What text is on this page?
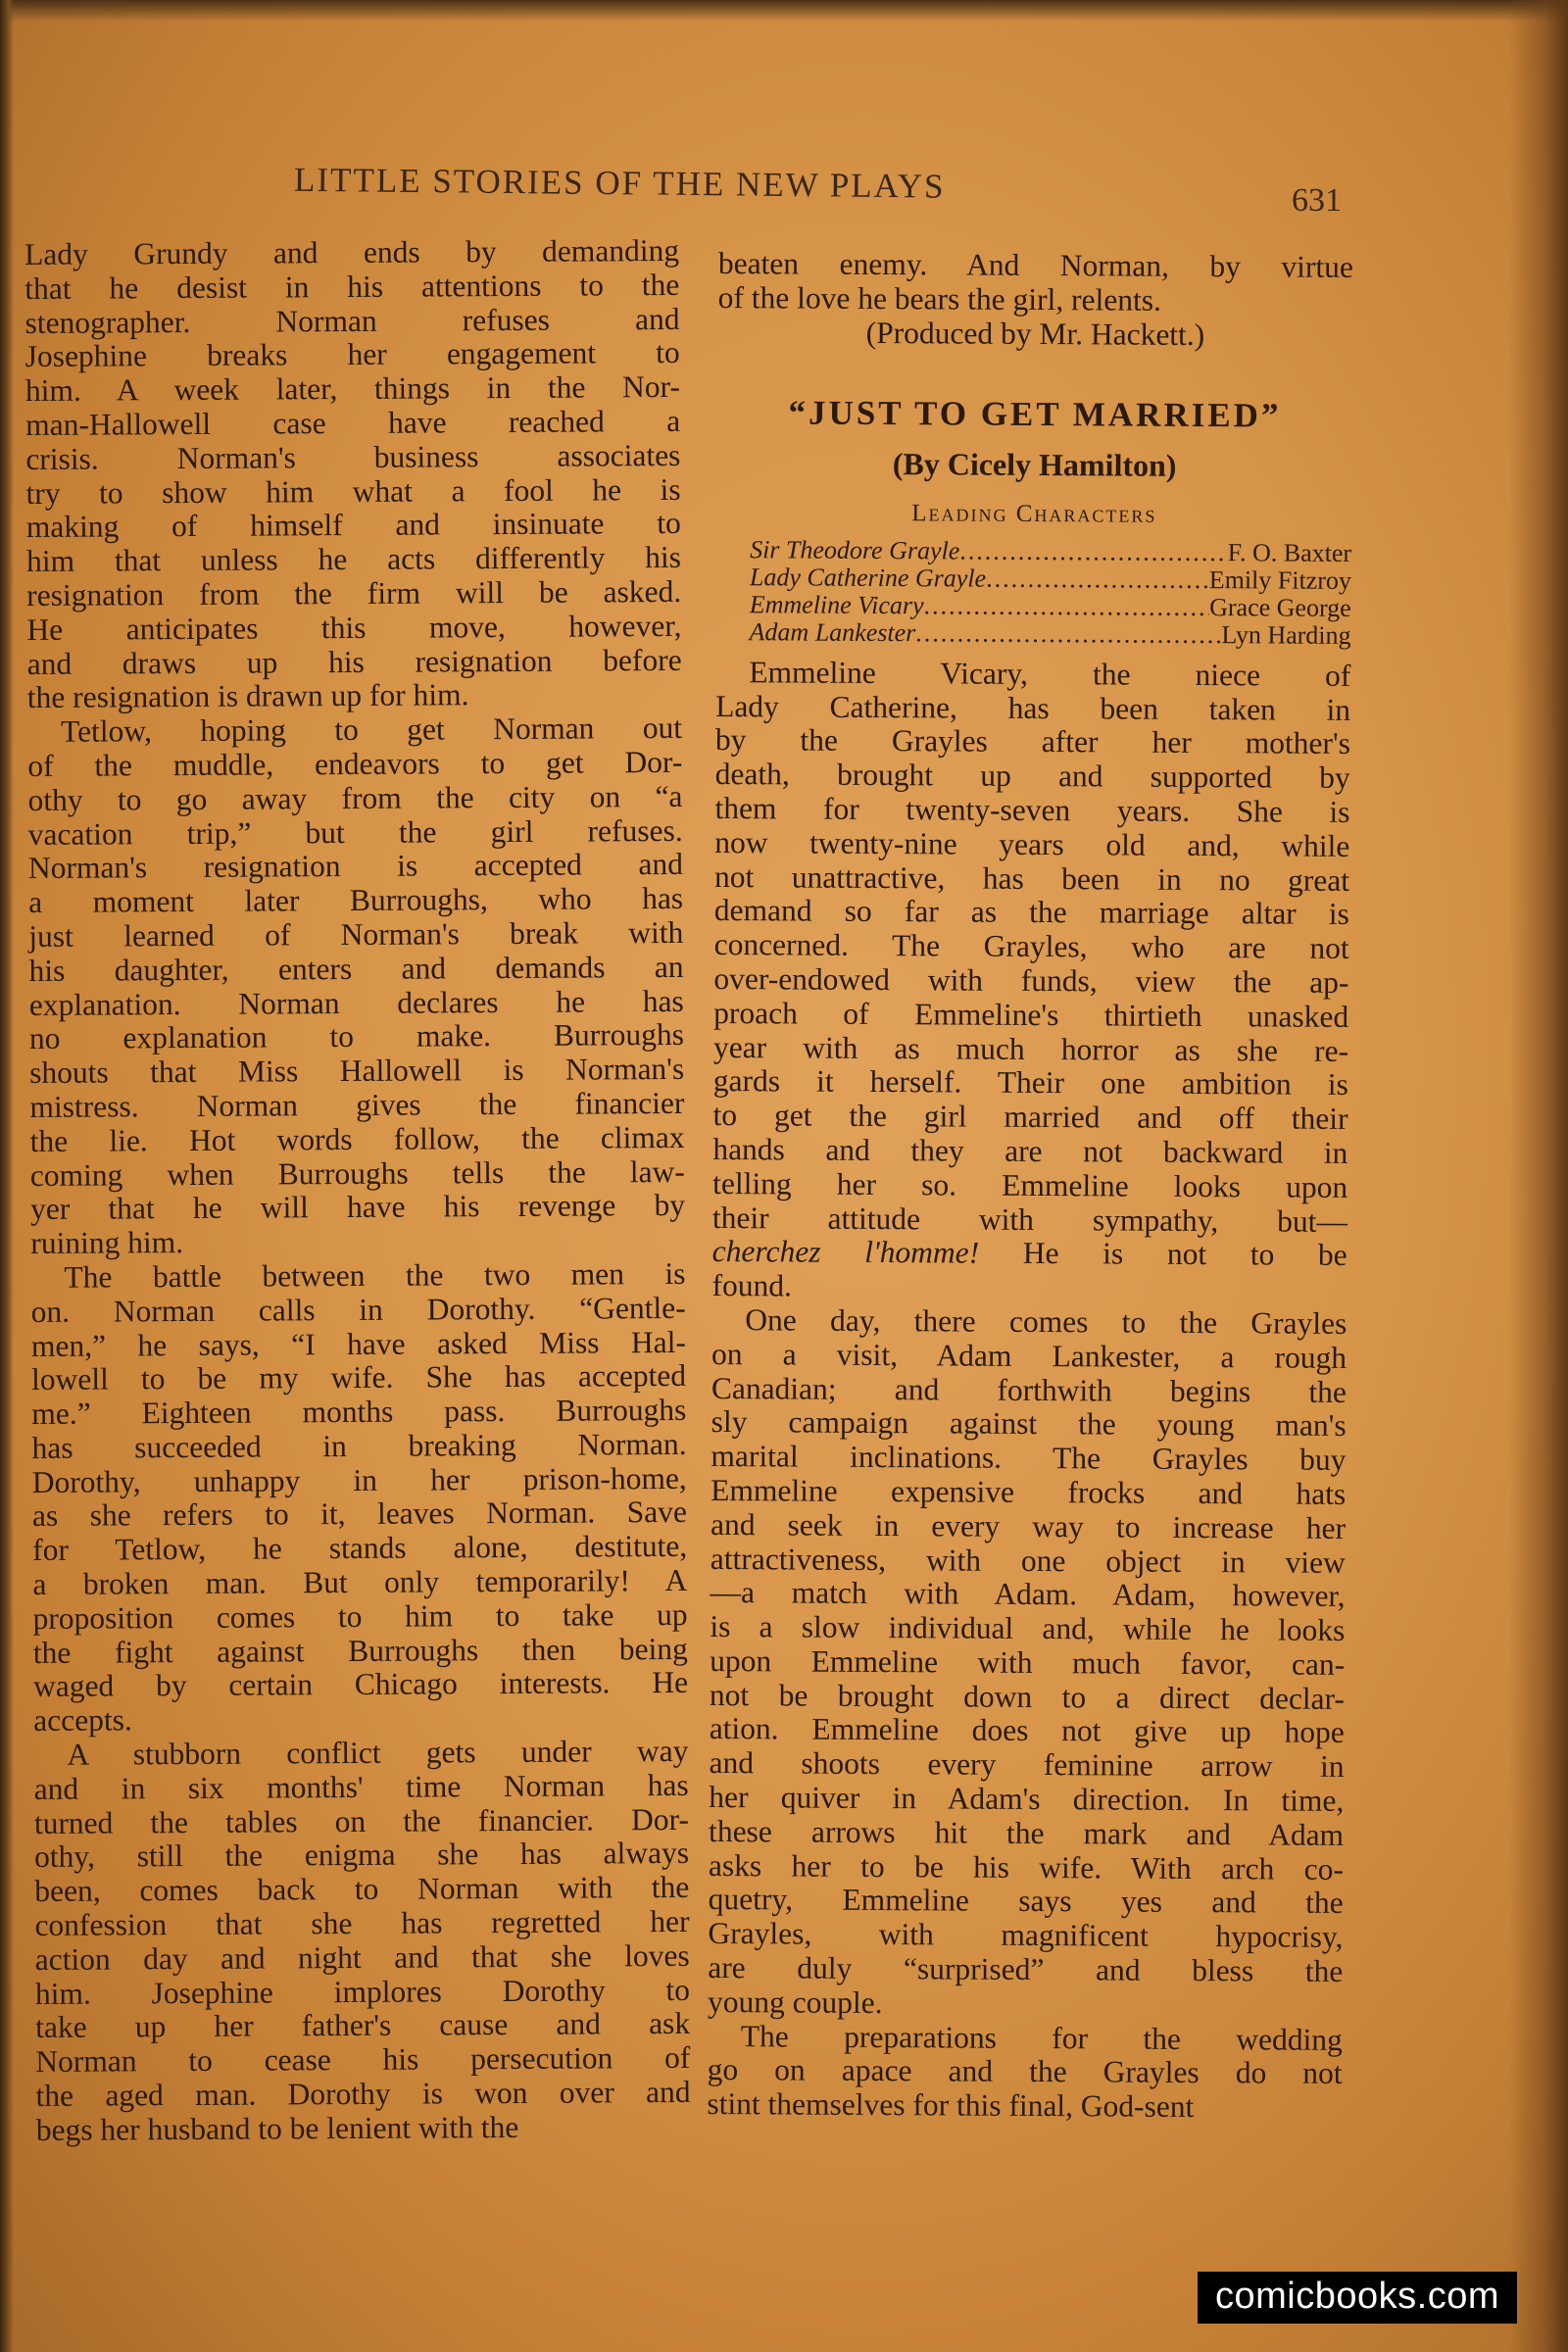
LITTLE STORIES OF THE NEW PLAYS	631
Lady Grundy and ends by demanding
that he desist in his attentions to the
stenographer. Norman refuses and
Josephine breaks her engagement to
him. A week later, things in the Nor-
man-Hallowell case have reached a
crisis. Norman's business associates
try to show him what a fool he is
making of himself and insinuate to
him that unless he acts differently his
resignation from the firm will be asked.
He anticipates this move, however,
and draws up his resignation before
the resignation is drawn up for him.
Tetlow, hoping to get Norman out
of the muddle, endeavors to get Dor-
othy to go away from the city on “a
vacation trip,” but the girl refuses.
Norman's resignation is accepted and
a moment later Burroughs, who has
just learned of Norman's break with
his daughter, enters and demands an
explanation. Norman declares he has
no explanation to make. Burroughs
shouts that Miss Hallowell is Norman's
mistress. Norman gives the financier
the lie. Hot words follow, the climax
coming when Burroughs tells the law-
yer that he will have his revenge by
ruining him.
The battle between the two men is
on. Norman calls in Dorothy. “Gentle-
men,” he says, “I have asked Miss Hal-
lowell to be my wife. She has accepted
me.” Eighteen months pass. Burroughs
has succeeded in breaking Norman.
Dorothy, unhappy in her prison-home,
as she refers to it, leaves Norman. Save
for Tetlow, he stands alone, destitute,
a broken man. But only temporarily! A
proposition comes to him to take up
the fight against Burroughs then being
waged by certain Chicago interests. He
accepts.
A stubborn conflict gets under way
and in six months' time Norman has
turned the tables on the financier. Dor-
othy, still the enigma she has always
been, comes back to Norman with the
confession that she has regretted her
action day and night and that she loves
him. Josephine implores Dorothy to
take up her father's cause and ask
Norman to cease his persecution of
the aged man. Dorothy is won over and
begs her husband to be lenient with the
beaten enemy. And Norman, by virtue
of the love he bears the girl, relents.
(Produced by Mr. Hackett.)
“JUST TO GET MARRIED”
(By Cicely Hamilton)
Leading Characters
Sir Theodore Grayle .....	F. O. Baxter
Lady Catherine Grayle .....	Emily Fitzroy
Emmeline Vicary .....	Grace George
Adam Lankester .....	Lyn Harding
Emmeline Vicary, the niece of
Lady Catherine, has been taken in
by the Grayles after her mother's
death, brought up and supported by
them for twenty-seven years. She is
now twenty-nine years old and, while
not unattractive, has been in no great
demand so far as the marriage altar is
concerned. The Grayles, who are not
over-endowed with funds, view the ap-
proach of Emmeline's thirtieth unasked
year with as much horror as she re-
gards it herself. Their one ambition is
to get the girl married and off their
hands and they are not backward in
telling her so. Emmeline looks upon
their attitude with sympathy, but—
cherchez l'homme! He is not to be
found.
One day, there comes to the Grayles
on a visit, Adam Lankester, a rough
Canadian; and forthwith begins the
sly campaign against the young man's
marital inclinations. The Grayles buy
Emmeline expensive frocks and hats
and seek in every way to increase her
attractiveness, with one object in view
—a match with Adam. Adam, however,
is a slow individual and, while he looks
upon Emmeline with much favor, can-
not be brought down to a direct declar-
ation. Emmeline does not give up hope
and shoots every feminine arrow in
her quiver in Adam's direction. In time,
these arrows hit the mark and Adam
asks her to be his wife. With arch co-
quetry, Emmeline says yes and the
Grayles, with magnificent hypocrisy,
are duly “surprised” and bless the
young couple.
The preparations for the wedding
go on apace and the Grayles do not
stint themselves for this final, God-sent
comicbooks.com
